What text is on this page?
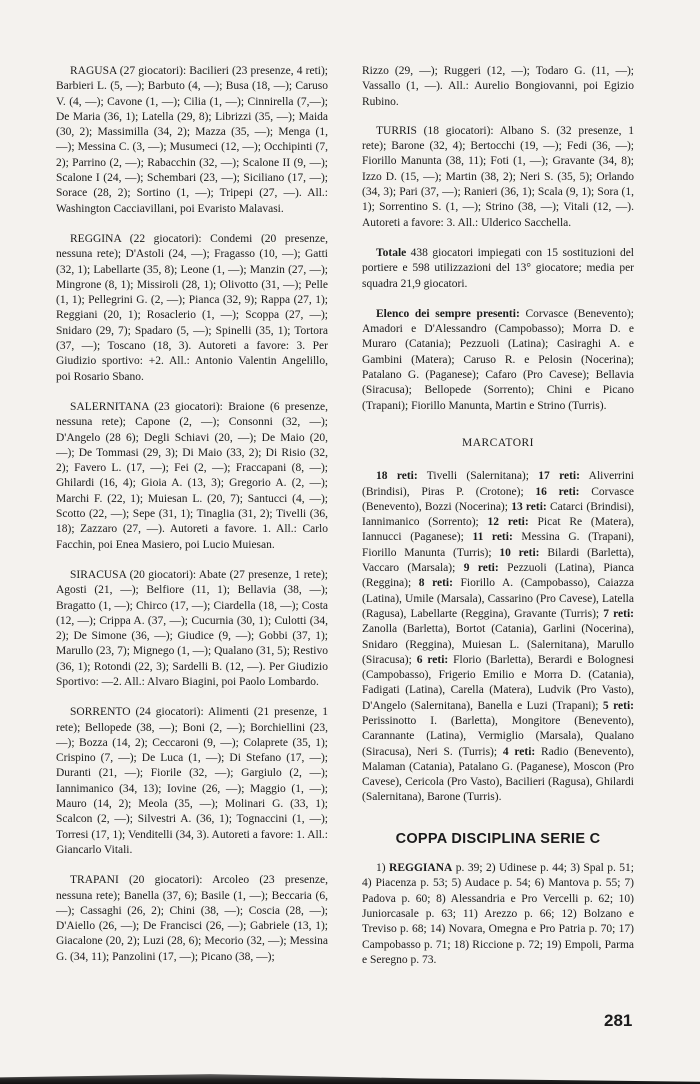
RAGUSA (27 giocatori): Bacilieri (23 presenze, 4 reti); Barbieri L. (5, —); Barbuto (4, —); Busa (18, —); Caruso V. (4, —); Cavone (1, —); Cilia (1, —); Cinnirella (7,—); De Maria (36, 1); Latella (29, 8); Librizzi (35, —); Maida (30, 2); Massimilla (34, 2); Mazza (35, —); Menga (1, —); Messina C. (3, —); Musumeci (12, —); Occhipinti (7, 2); Parrino (2, —); Rabacchin (32, —); Scalone II (9, —); Scalone I (24, —); Schembari (23, —); Siciliano (17, —); Sorace (28, 2); Sortino (1, —); Tripepi (27, —). All.: Washington Cacciavillani, poi Evaristo Malavasi.

REGGINA (22 giocatori): Condemi (20 presenze, nessuna rete); D'Astoli (24, —); Fragasso (10, —); Gatti (32, 1); Labellarte (35, 8); Leone (1, —); Manzin (27, —); Mingrone (8, 1); Missiroli (28, 1); Olivotto (31, —); Pelle (1, 1); Pellegrini G. (2, —); Pianca (32, 9); Rappa (27, 1); Reggiani (20, 1); Rosaclerio (1, —); Scoppa (27, —); Snidaro (29, 7); Spadaro (5, —); Spinelli (35, 1); Tortora (37, —); Toscano (18, 3). Autoreti a favore: 3. Per Giudizio sportivo: +2. All.: Antonio Valentin Angelillo, poi Rosario Sbano.

SALERNITANA (23 giocatori): Braione (6 presenze, nessuna rete); Capone (2, —); Consonni (32, —); D'Angelo (28 6); Degli Schiavi (20, —); De Maio (20, —); De Tommasi (29, 3); Di Maio (33, 2); Di Risio (32, 2); Favero L. (17, —); Fei (2, —); Fraccapani (8, —); Ghilardi (16, 4); Gioia A. (13, 3); Gregorio A. (2, —); Marchi F. (22, 1); Muiesan L. (20, 7); Santucci (4, —); Scotto (22, —); Sepe (31, 1); Tinaglia (31, 2); Tivelli (36, 18); Zazzaro (27, —). Autoreti a favore. 1. All.: Carlo Facchin, poi Enea Masiero, poi Lucio Muiesan.

SIRACUSA (20 giocatori): Abate (27 presenze, 1 rete); Agosti (21, —); Belfiore (11, 1); Bellavia (38, —); Bragatto (1, —); Chirco (17, —); Ciardella (18, —); Costa (12, —); Crippa A. (37, —); Cucurnia (30, 1); Culotti (34, 2); De Simone (36, —); Giudice (9, —); Gobbi (37, 1); Marullo (23, 7); Mignego (1, —); Qualano (31, 5); Restivo (36, 1); Rotondi (22, 3); Sardelli B. (12, —). Per Giudizio Sportivo: —2. All.: Alvaro Biagini, poi Paolo Lombardo.

SORRENTO (24 giocatori): Alimenti (21 presenze, 1 rete); Bellopede (38, —); Boni (2, —); Borchiellini (23, —); Bozza (14, 2); Ceccaroni (9, —); Colaprete (35, 1); Crispino (7, —); De Luca (1, —); Di Stefano (17, —); Duranti (21, —); Fiorile (32, —); Gargiulo (2, —); Iannimanico (34, 13); Iovine (26, —); Maggio (1, —); Mauro (14, 2); Meola (35, —); Molinari G. (33, 1); Scalcon (2, —); Silvestri A. (36, 1); Tognaccini (1, —); Torresi (17, 1); Venditelli (34, 3). Autoreti a favore: 1. All.: Giancarlo Vitali.

TRAPANI (20 giocatori): Arcoleo (23 presenze, nessuna rete); Banella (37, 6); Basile (1, —); Beccaria (6, —); Cassaghi (26, 2); Chini (38, —); Coscia (28, —); D'Aiello (26, —); De Francisci (26, —); Gabriele (13, 1); Giacalone (20, 2); Luzi (28, 6); Mecorio (32, —); Messina G. (34, 11); Panzolini (17, —); Picano (38, —);

Rizzo (29, —); Ruggeri (12, —); Todaro G. (11, —); Vassallo (1, —). All.: Aurelio Bongiovanni, poi Egizio Rubino.

TURRIS (18 giocatori): Albano S. (32 presenze, 1 rete); Barone (32, 4); Bertocchi (19, —); Fedi (36, —); Fiorillo Manunta (38, 11); Foti (1, —); Gravante (34, 8); Izzo D. (15, —); Martin (38, 2); Neri S. (35, 5); Orlando (34, 3); Pari (37, —); Ranieri (36, 1); Scala (9, 1); Sora (1, 1); Sorrentino S. (1, —); Strino (38, —); Vitali (12, —). Autoreti a favore: 3. All.: Ulderico Sacchella.

Totale 438 giocatori impiegati con 15 sostituzioni del portiere e 598 utilizzazioni del 13° giocatore; media per squadra 21,9 giocatori.

Elenco dei sempre presenti: Corvasce (Benevento); Amadori e D'Alessandro (Campobasso); Morra D. e Muraro (Catania); Pezzuoli (Latina); Casiraghi A. e Gambini (Matera); Caruso R. e Pelosin (Nocerina); Patalano G. (Paganese); Cafaro (Pro Cavese); Bellavia (Siracusa); Bellopede (Sorrento); Chini e Picano (Trapani); Fiorillo Manunta, Martin e Strino (Turris).

MARCATORI

18 reti: Tivelli (Salernitana); 17 reti: Aliverrini (Brindisi), Piras P. (Crotone); 16 reti: Corvasce (Benevento), Bozzi (Nocerina); 13 reti: Catarci (Brindisi), Iannimanico (Sorrento); 12 reti: Picat Re (Matera), Iannucci (Paganese); 11 reti: Messina G. (Trapani), Fiorillo Manunta (Turris); 10 reti: Bilardi (Barletta), Vaccaro (Marsala); 9 reti: Pezzuoli (Latina), Pianca (Reggina); 8 reti: Fiorillo A. (Campobasso), Caiazza (Latina), Umile (Marsala), Cassarino (Pro Cavese), Latella (Ragusa), Labellarte (Reggina), Gravante (Turris); 7 reti: Zanolla (Barletta), Bortot (Catania), Garlini (Nocerina), Snidaro (Reggina), Muiesan L. (Salernitana), Marullo (Siracusa); 6 reti: Florio (Barletta), Berardi e Bolognesi (Campobasso), Frigerio Emilio e Morra D. (Catania), Fadigati (Latina), Carella (Matera), Ludvik (Pro Vasto), D'Angelo (Salernitana), Banella e Luzi (Trapani); 5 reti: Perissinotto I. (Barletta), Mongitore (Benevento), Carannante (Latina), Vermiglio (Marsala), Qualano (Siracusa), Neri S. (Turris); 4 reti: Radio (Benevento), Malaman (Catania), Patalano G. (Paganese), Moscon (Pro Cavese), Cericola (Pro Vasto), Bacilieri (Ragusa), Ghilardi (Salernitana), Barone (Turris).

COPPA DISCIPLINA SERIE C

1) REGGIANA p. 39; 2) Udinese p. 44; 3) Spal p. 51; 4) Piacenza p. 53; 5) Audace p. 54; 6) Mantova p. 55; 7) Padova p. 60; 8) Alessandria e Pro Vercelli p. 62; 10) Juniorcasale p. 63; 11) Arezzo p. 66; 12) Bolzano e Treviso p. 68; 14) Novara, Omegna e Pro Patria p. 70; 17) Campobasso p. 71; 18) Riccione p. 72; 19) Empoli, Parma e Seregno p. 73.

281
